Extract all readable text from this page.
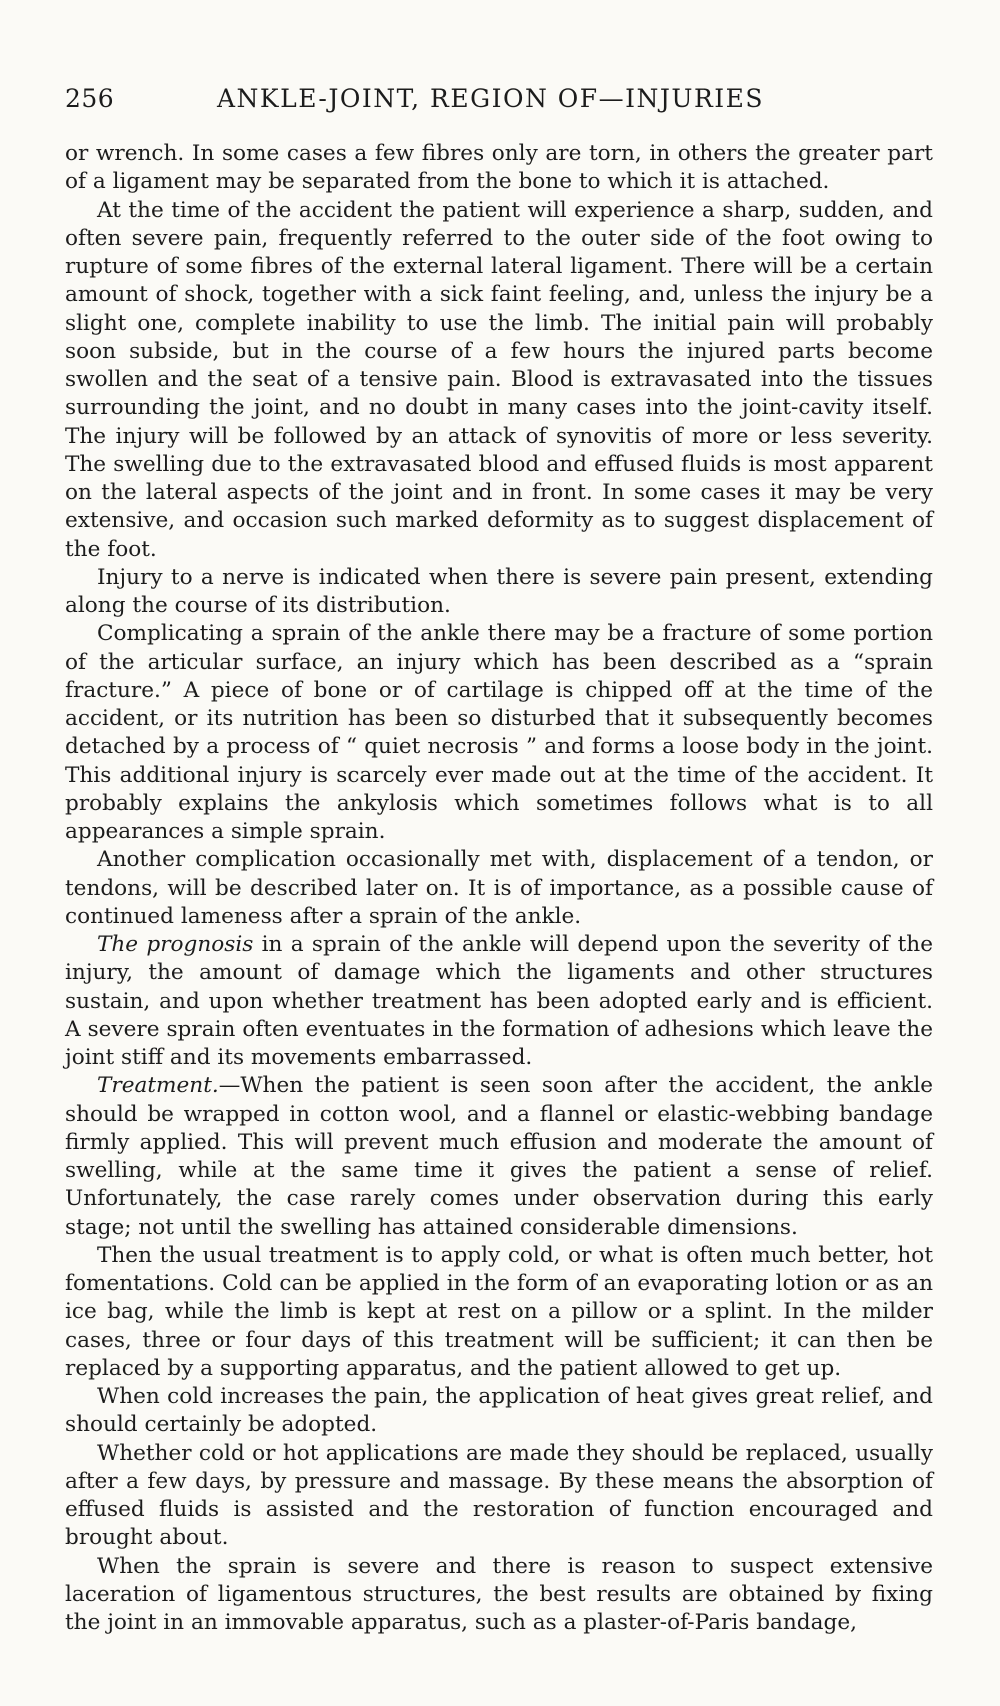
256	ANKLE-JOINT, REGION OF—INJURIES

or wrench. In some cases a few fibres only are torn, in others the greater part of a ligament may be separated from the bone to which it is attached.

At the time of the accident the patient will experience a sharp, sudden, and often severe pain, frequently referred to the outer side of the foot owing to rupture of some fibres of the external lateral ligament. There will be a certain amount of shock, together with a sick faint feeling, and, unless the injury be a slight one, complete inability to use the limb. The initial pain will probably soon subside, but in the course of a few hours the injured parts become swollen and the seat of a tensive pain. Blood is extravasated into the tissues surrounding the joint, and no doubt in many cases into the joint-cavity itself. The injury will be followed by an attack of synovitis of more or less severity. The swelling due to the extravasated blood and effused fluids is most apparent on the lateral aspects of the joint and in front. In some cases it may be very extensive, and occasion such marked deformity as to suggest displacement of the foot.

Injury to a nerve is indicated when there is severe pain present, extending along the course of its distribution.

Complicating a sprain of the ankle there may be a fracture of some portion of the articular surface, an injury which has been described as a “sprain fracture.” A piece of bone or of cartilage is chipped off at the time of the accident, or its nutrition has been so disturbed that it subsequently becomes detached by a process of “ quiet necrosis ” and forms a loose body in the joint. This additional injury is scarcely ever made out at the time of the accident. It probably explains the ankylosis which sometimes follows what is to all appearances a simple sprain.

Another complication occasionally met with, displacement of a tendon, or tendons, will be described later on. It is of importance, as a possible cause of continued lameness after a sprain of the ankle.

The prognosis in a sprain of the ankle will depend upon the severity of the injury, the amount of damage which the ligaments and other structures sustain, and upon whether treatment has been adopted early and is efficient. A severe sprain often eventuates in the formation of adhesions which leave the joint stiff and its movements embarrassed.

Treatment.—When the patient is seen soon after the accident, the ankle should be wrapped in cotton wool, and a flannel or elastic-webbing bandage firmly applied. This will prevent much effusion and moderate the amount of swelling, while at the same time it gives the patient a sense of relief. Unfortunately, the case rarely comes under observation during this early stage; not until the swelling has attained considerable dimensions.

Then the usual treatment is to apply cold, or what is often much better, hot fomentations. Cold can be applied in the form of an evaporating lotion or as an ice bag, while the limb is kept at rest on a pillow or a splint. In the milder cases, three or four days of this treatment will be sufficient; it can then be replaced by a supporting apparatus, and the patient allowed to get up.

When cold increases the pain, the application of heat gives great relief, and should certainly be adopted.

Whether cold or hot applications are made they should be replaced, usually after a few days, by pressure and massage. By these means the absorption of effused fluids is assisted and the restoration of function encouraged and brought about.

When the sprain is severe and there is reason to suspect extensive laceration of ligamentous structures, the best results are obtained by fixing the joint in an immovable apparatus, such as a plaster-of-Paris bandage,
